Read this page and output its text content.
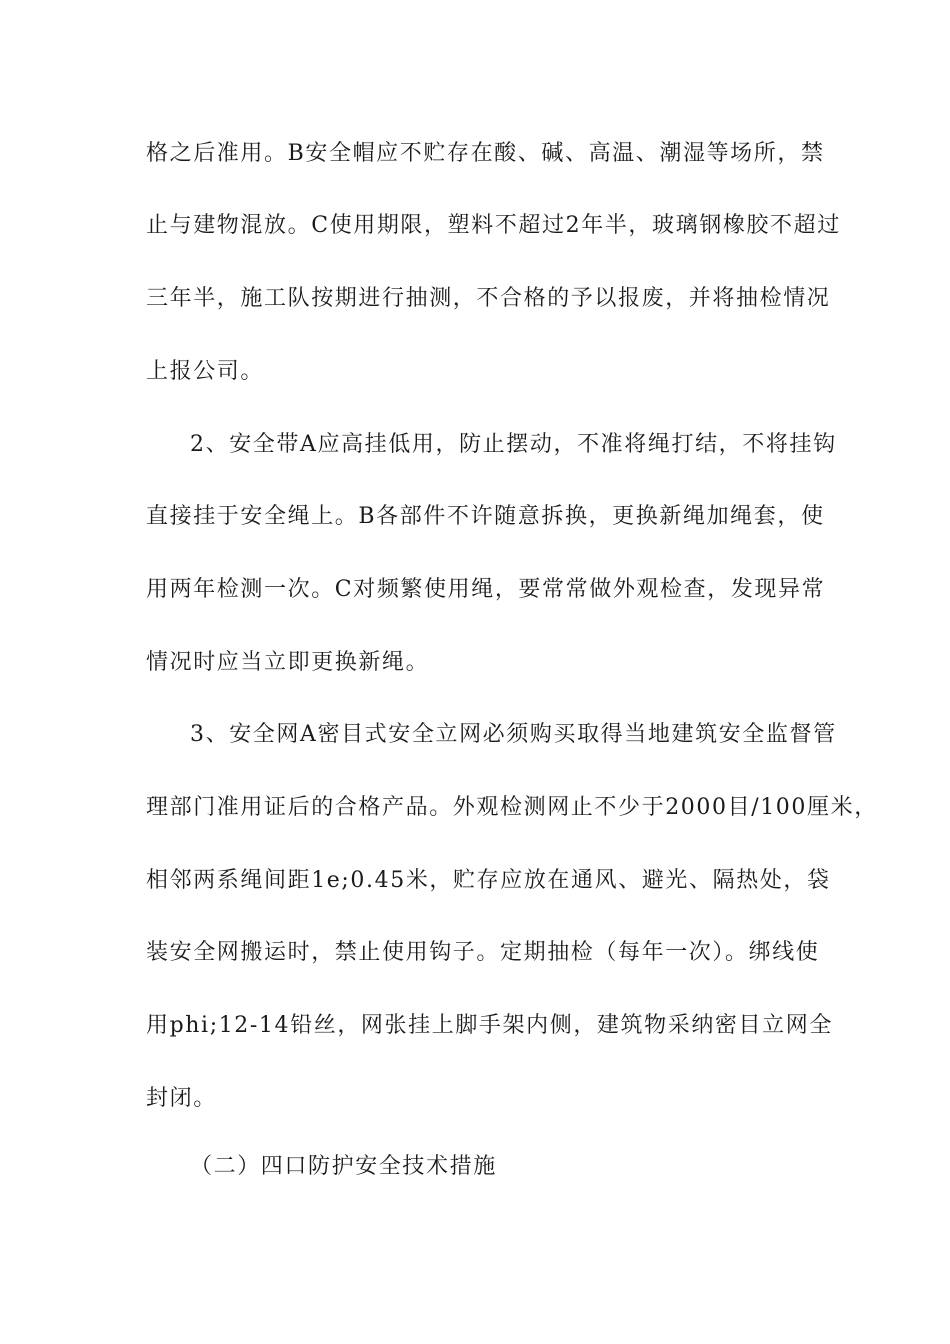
格之后准用。B安全帽应不贮存在酸、碱、高温、潮湿等场所，禁
止与建物混放。C使用期限，塑料不超过2年半，玻璃钢橡胶不超过
三年半，施工队按期进行抽测，不合格的予以报废，并将抽检情况
上报公司。
2、安全带A应高挂低用，防止摆动，不准将绳打结，不将挂钩
直接挂于安全绳上。B各部件不许随意拆换，更换新绳加绳套，使
用两年检测一次。C对频繁使用绳，要常常做外观检查，发现异常
情况时应当立即更换新绳。
3、安全网A密目式安全立网必须购买取得当地建筑安全监督管
理部门准用证后的合格产品。外观检测网止不少于2000目/100厘米，
相邻两系绳间距1e;0.45米，贮存应放在通风、避光、隔热处，袋
装安全网搬运时，禁止使用钩子。定期抽检（每年一次）。绑线使
用phi;12-14铅丝，网张挂上脚手架内侧，建筑物采纳密目立网全
封闭。
（二）四口防护安全技术措施
